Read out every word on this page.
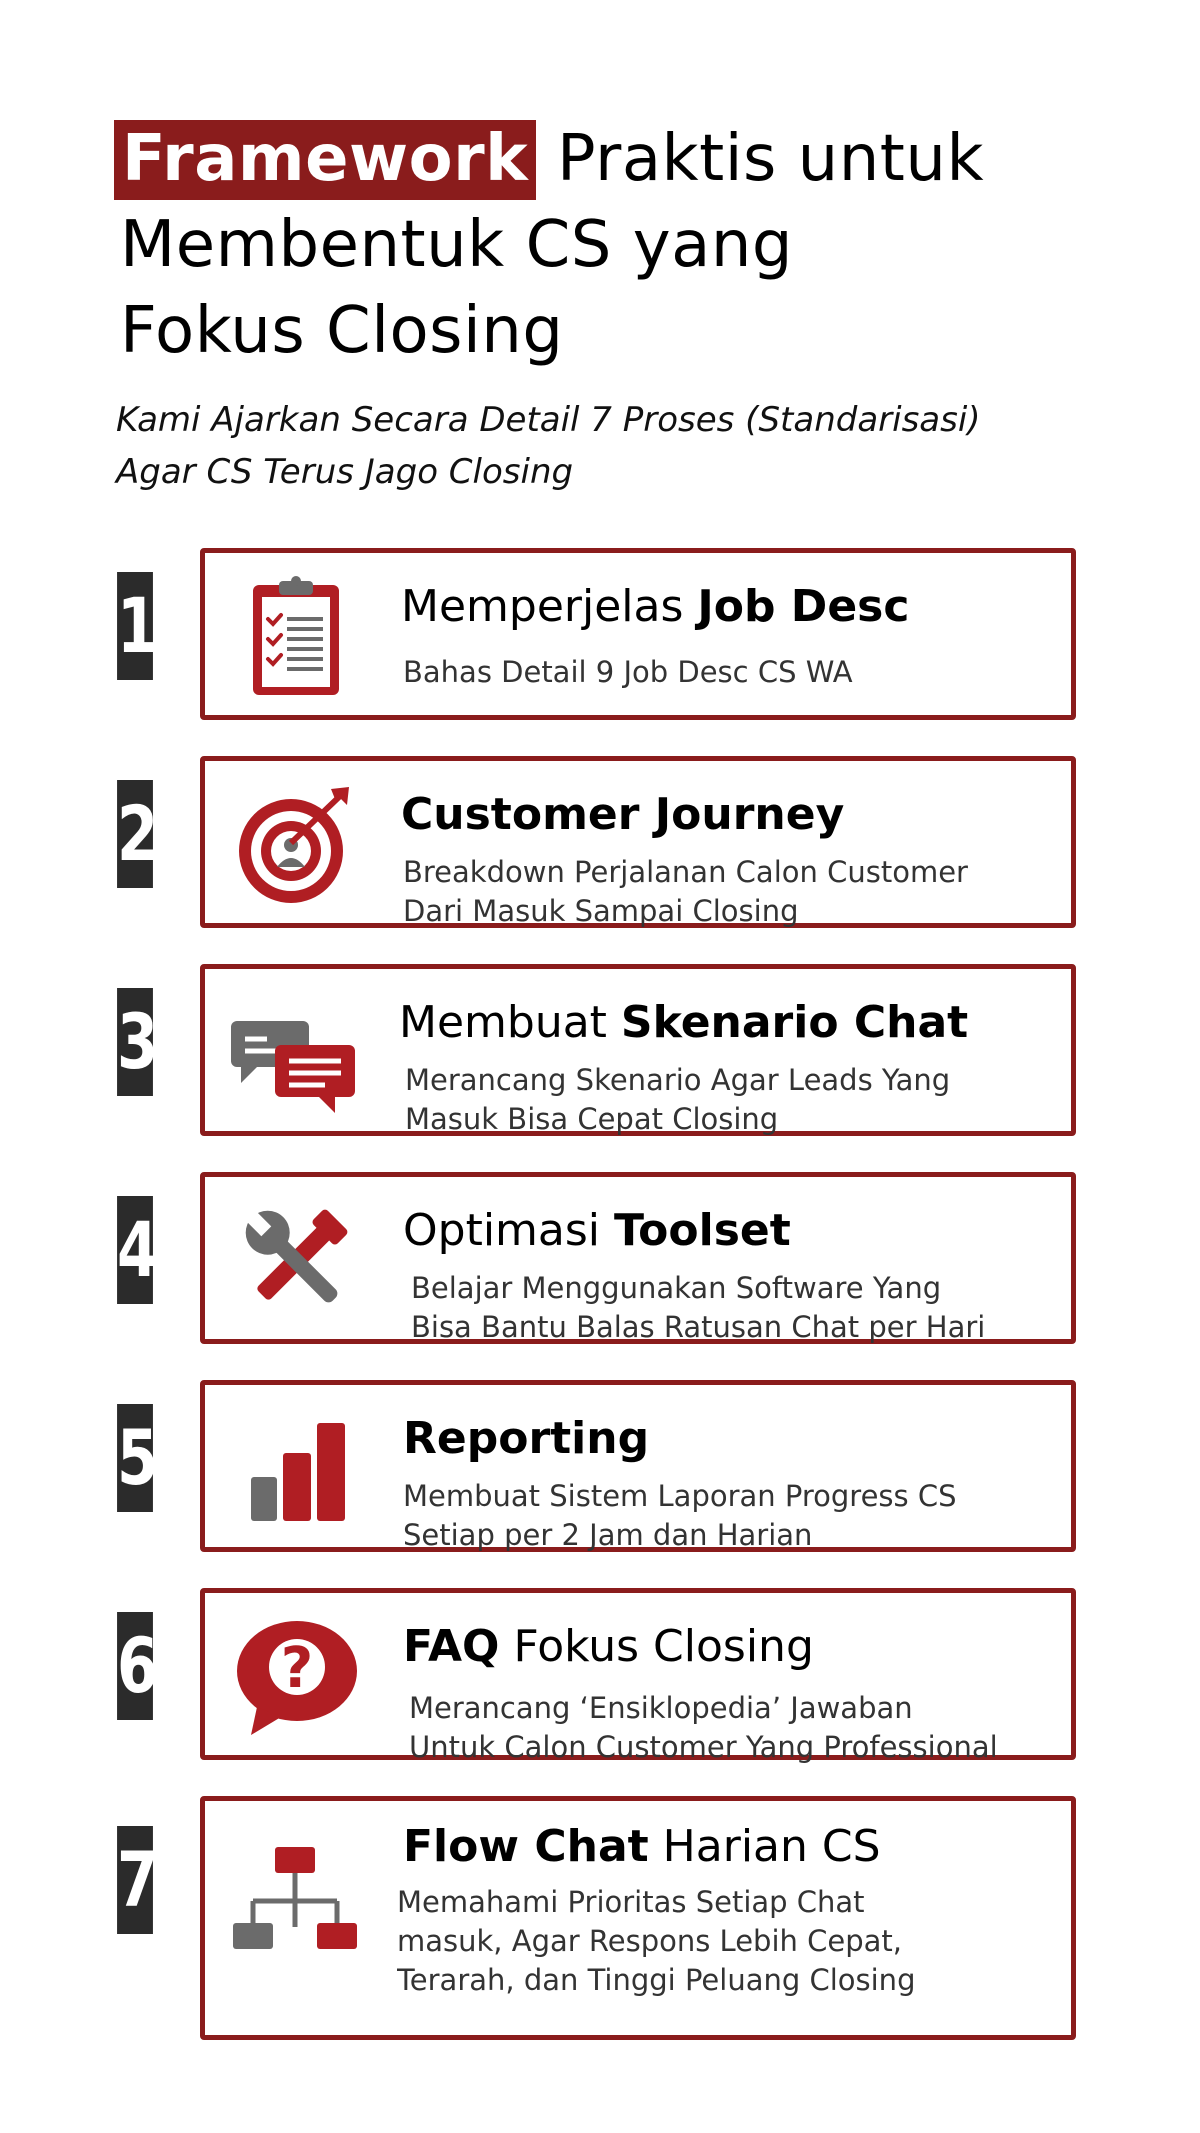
Framework Praktis untuk
Membentuk CS yang
Fokus Closing

Kami Ajarkan Secara Detail 7 Proses (Standarisasi)
Agar CS Terus Jago Closing

1	Memperjelas Job Desc
Bahas Detail 9 Job Desc CS WA
2	Customer Journey
Breakdown Perjalanan Calon Customer
Dari Masuk Sampai Closing
3	Membuat Skenario Chat
Merancang Skenario Agar Leads Yang
Masuk Bisa Cepat Closing
4	Optimasi Toolset
Belajar Menggunakan Software Yang
Bisa Bantu Balas Ratusan Chat per Hari
5	Reporting
Membuat Sistem Laporan Progress CS
Setiap per 2 Jam dan Harian
6 ? FAQ Fokus Closing
Merancang ‘Ensiklopedia’ Jawaban
Untuk Calon Customer Yang Professional
7	Flow Chat Harian CS
Memahami Prioritas Setiap Chat
masuk, Agar Respons Lebih Cepat,
Terarah, dan Tinggi Peluang Closing
